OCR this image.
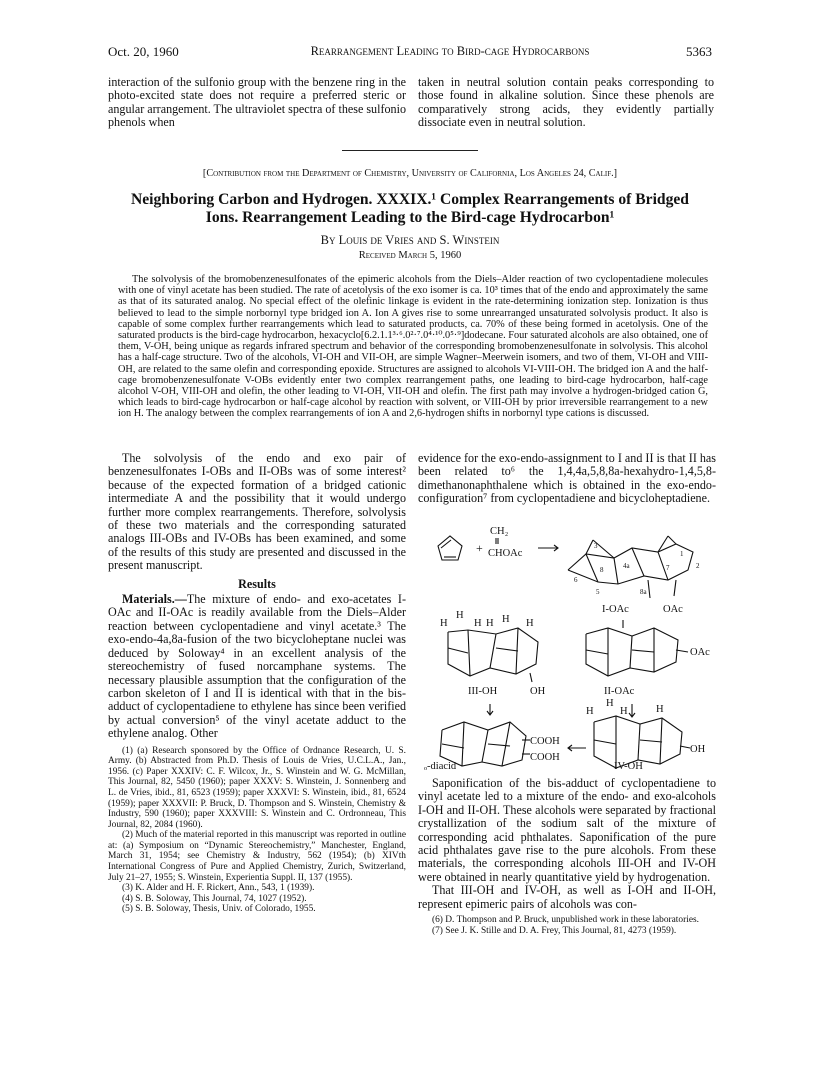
Oct. 20, 1960	Rearrangement Leading to Bird-cage Hydrocarbons	5363

interaction of the sulfonio group with the benzene ring in the photo-excited state does not require a preferred steric or angular arrangement. The ultraviolet spectra of these sulfonio phenols when

taken in neutral solution contain peaks corresponding to those found in alkaline solution. Since these phenols are comparatively strong acids, they evidently partially dissociate even in neutral solution.

[Contribution from the Department of Chemistry, University of California, Los Angeles 24, Calif.]
Neighboring Carbon and Hydrogen. XXXIX.¹ Complex Rearrangements of Bridged
Ions. Rearrangement Leading to the Bird-cage Hydrocarbon¹
By Louis de Vries and S. Winstein
Received March 5, 1960
The solvolysis of the bromobenzenesulfonates of the epimeric alcohols from the Diels–Alder reaction of two cyclopentadiene molecules with one of vinyl acetate has been studied. The rate of acetolysis of the exo isomer is ca. 10³ times that of the endo and approximately the same as that of its saturated analog. No special effect of the olefinic linkage is evident in the rate-determining ionization step. Ionization is thus believed to lead to the simple norbornyl type bridged ion A. Ion A gives rise to some unrearranged unsaturated solvolysis product. It also is capable of some complex further rearrangements which lead to saturated products, ca. 70% of these being formed in acetolysis. One of the saturated products is the bird-cage hydrocarbon, hexacyclo[6.2.1.1³·⁶.0²·⁷.0⁴·¹⁰.0⁵·⁹]dodecane. Four saturated alcohols are also obtained, one of them, V-OH, being unique as regards infrared spectrum and behavior of the corresponding bromobenzenesulfonate in solvolysis. This alcohol has a half-cage structure. Two of the alcohols, VI-OH and VII-OH, are simple Wagner–Meerwein isomers, and two of them, VI-OH and VIII-OH, are related to the same olefin and corresponding epoxide. Structures are assigned to alcohols VI-VIII-OH. The bridged ion A and the half-cage bromobenzenesulfonate V-OBs evidently enter two complex rearrangement paths, one leading to bird-cage hydrocarbon, half-cage alcohol V-OH, VIII-OH and olefin, the other leading to VI-OH, VII-OH and olefin. The first path may involve a hydrogen-bridged cation G, which leads to bird-cage hydrocarbon or half-cage alcohol by reaction with solvent, or VIII-OH by prior irreversible rearrangement to a new ion H. The analogy between the complex rearrangements of ion A and 2,6-hydrogen shifts in norbornyl type cations is discussed.

The solvolysis of the endo and exo pair of benzenesulfonates I-OBs and II-OBs was of some interest² because of the expected formation of a bridged cationic intermediate A and the possibility that it would undergo further more complex rearrangements. Therefore, solvolysis of these two materials and the corresponding saturated analogs III-OBs and IV-OBs has been examined, and some of the results of this study are presented and discussed in the present manuscript.

Results

Materials.—The mixture of endo- and exo-acetates I-OAc and II-OAc is readily available from the Diels–Alder reaction between cyclopentadiene and vinyl acetate.³ The exo-endo-4a,8a-fusion of the two bicycloheptane nuclei was deduced by Soloway⁴ in an excellent analysis of the stereochemistry of fused norcamphane systems. The necessary plausible assumption that the configuration of the carbon skeleton of I and II is identical with that in the bis-adduct of cyclopentadiene to ethylene has since been verified by actual conversion⁵ of the vinyl acetate adduct to the ethylene analog. Other

(1) (a) Research sponsored by the Office of Ordnance Research, U. S. Army. (b) Abstracted from Ph.D. Thesis of Louis de Vries, U.C.L.A., Jan., 1956. (c) Paper XXXIV: C. F. Wilcox, Jr., S. Winstein and W. G. McMillan, This Journal, 82, 5450 (1960); paper XXXV: S. Winstein, J. Sonnenberg and L. de Vries, ibid., 81, 6523 (1959); paper XXXVI: S. Winstein, ibid., 81, 6524 (1959); paper XXXVII: P. Bruck, D. Thompson and S. Winstein, Chemistry & Industry, 590 (1960); paper XXXVIII: S. Winstein and C. Ordronneau, This Journal, 82, 2084 (1960).

(2) Much of the material reported in this manuscript was reported in outline at: (a) Symposium on “Dynamic Stereochemistry,” Manchester, England, March 31, 1954; see Chemistry & Industry, 562 (1954); (b) XIVth International Congress of Pure and Applied Chemistry, Zurich, Switzerland, July 21–27, 1955; S. Winstein, Experientia Suppl. II, 137 (1955).

(3) K. Alder and H. F. Rickert, Ann., 543, 1 (1939).

(4) S. B. Soloway, This Journal, 74, 1027 (1952).

(5) S. B. Soloway, Thesis, Univ. of Colorado, 1955.

evidence for the exo-endo-assignment to I and II is that II has been related to⁶ the 1,4,4a,5,8,8a-hexahydro-1,4,5,8-dimethanonaphthalene which is obtained in the exo-endo-configuration⁷ from cyclopentadiene and bicycloheptadiene.

+
CH₂
CHOAc
3
4a
8a
5
6
1
2
8	7
I-OAc	OAc
H
H
H H H H
III-OH	OH
OAc
II-OAc
COOH
COOH
H
H
H	H
OH
ₒ-diacid	IV-OH

Saponification of the bis-adduct of cyclopentadiene to vinyl acetate led to a mixture of the endo- and exo-alcohols I-OH and II-OH. These alcohols were separated by fractional crystallization of the sodium salt of the mixture of corresponding acid phthalates. Saponification of the pure acid phthalates gave rise to the pure alcohols. From these materials, the corresponding alcohols III-OH and IV-OH were obtained in nearly quantitative yield by hydrogenation.

That III-OH and IV-OH, as well as I-OH and II-OH, represent epimeric pairs of alcohols was con-

(6) D. Thompson and P. Bruck, unpublished work in these laboratories.

(7) See J. K. Stille and D. A. Frey, This Journal, 81, 4273 (1959).
